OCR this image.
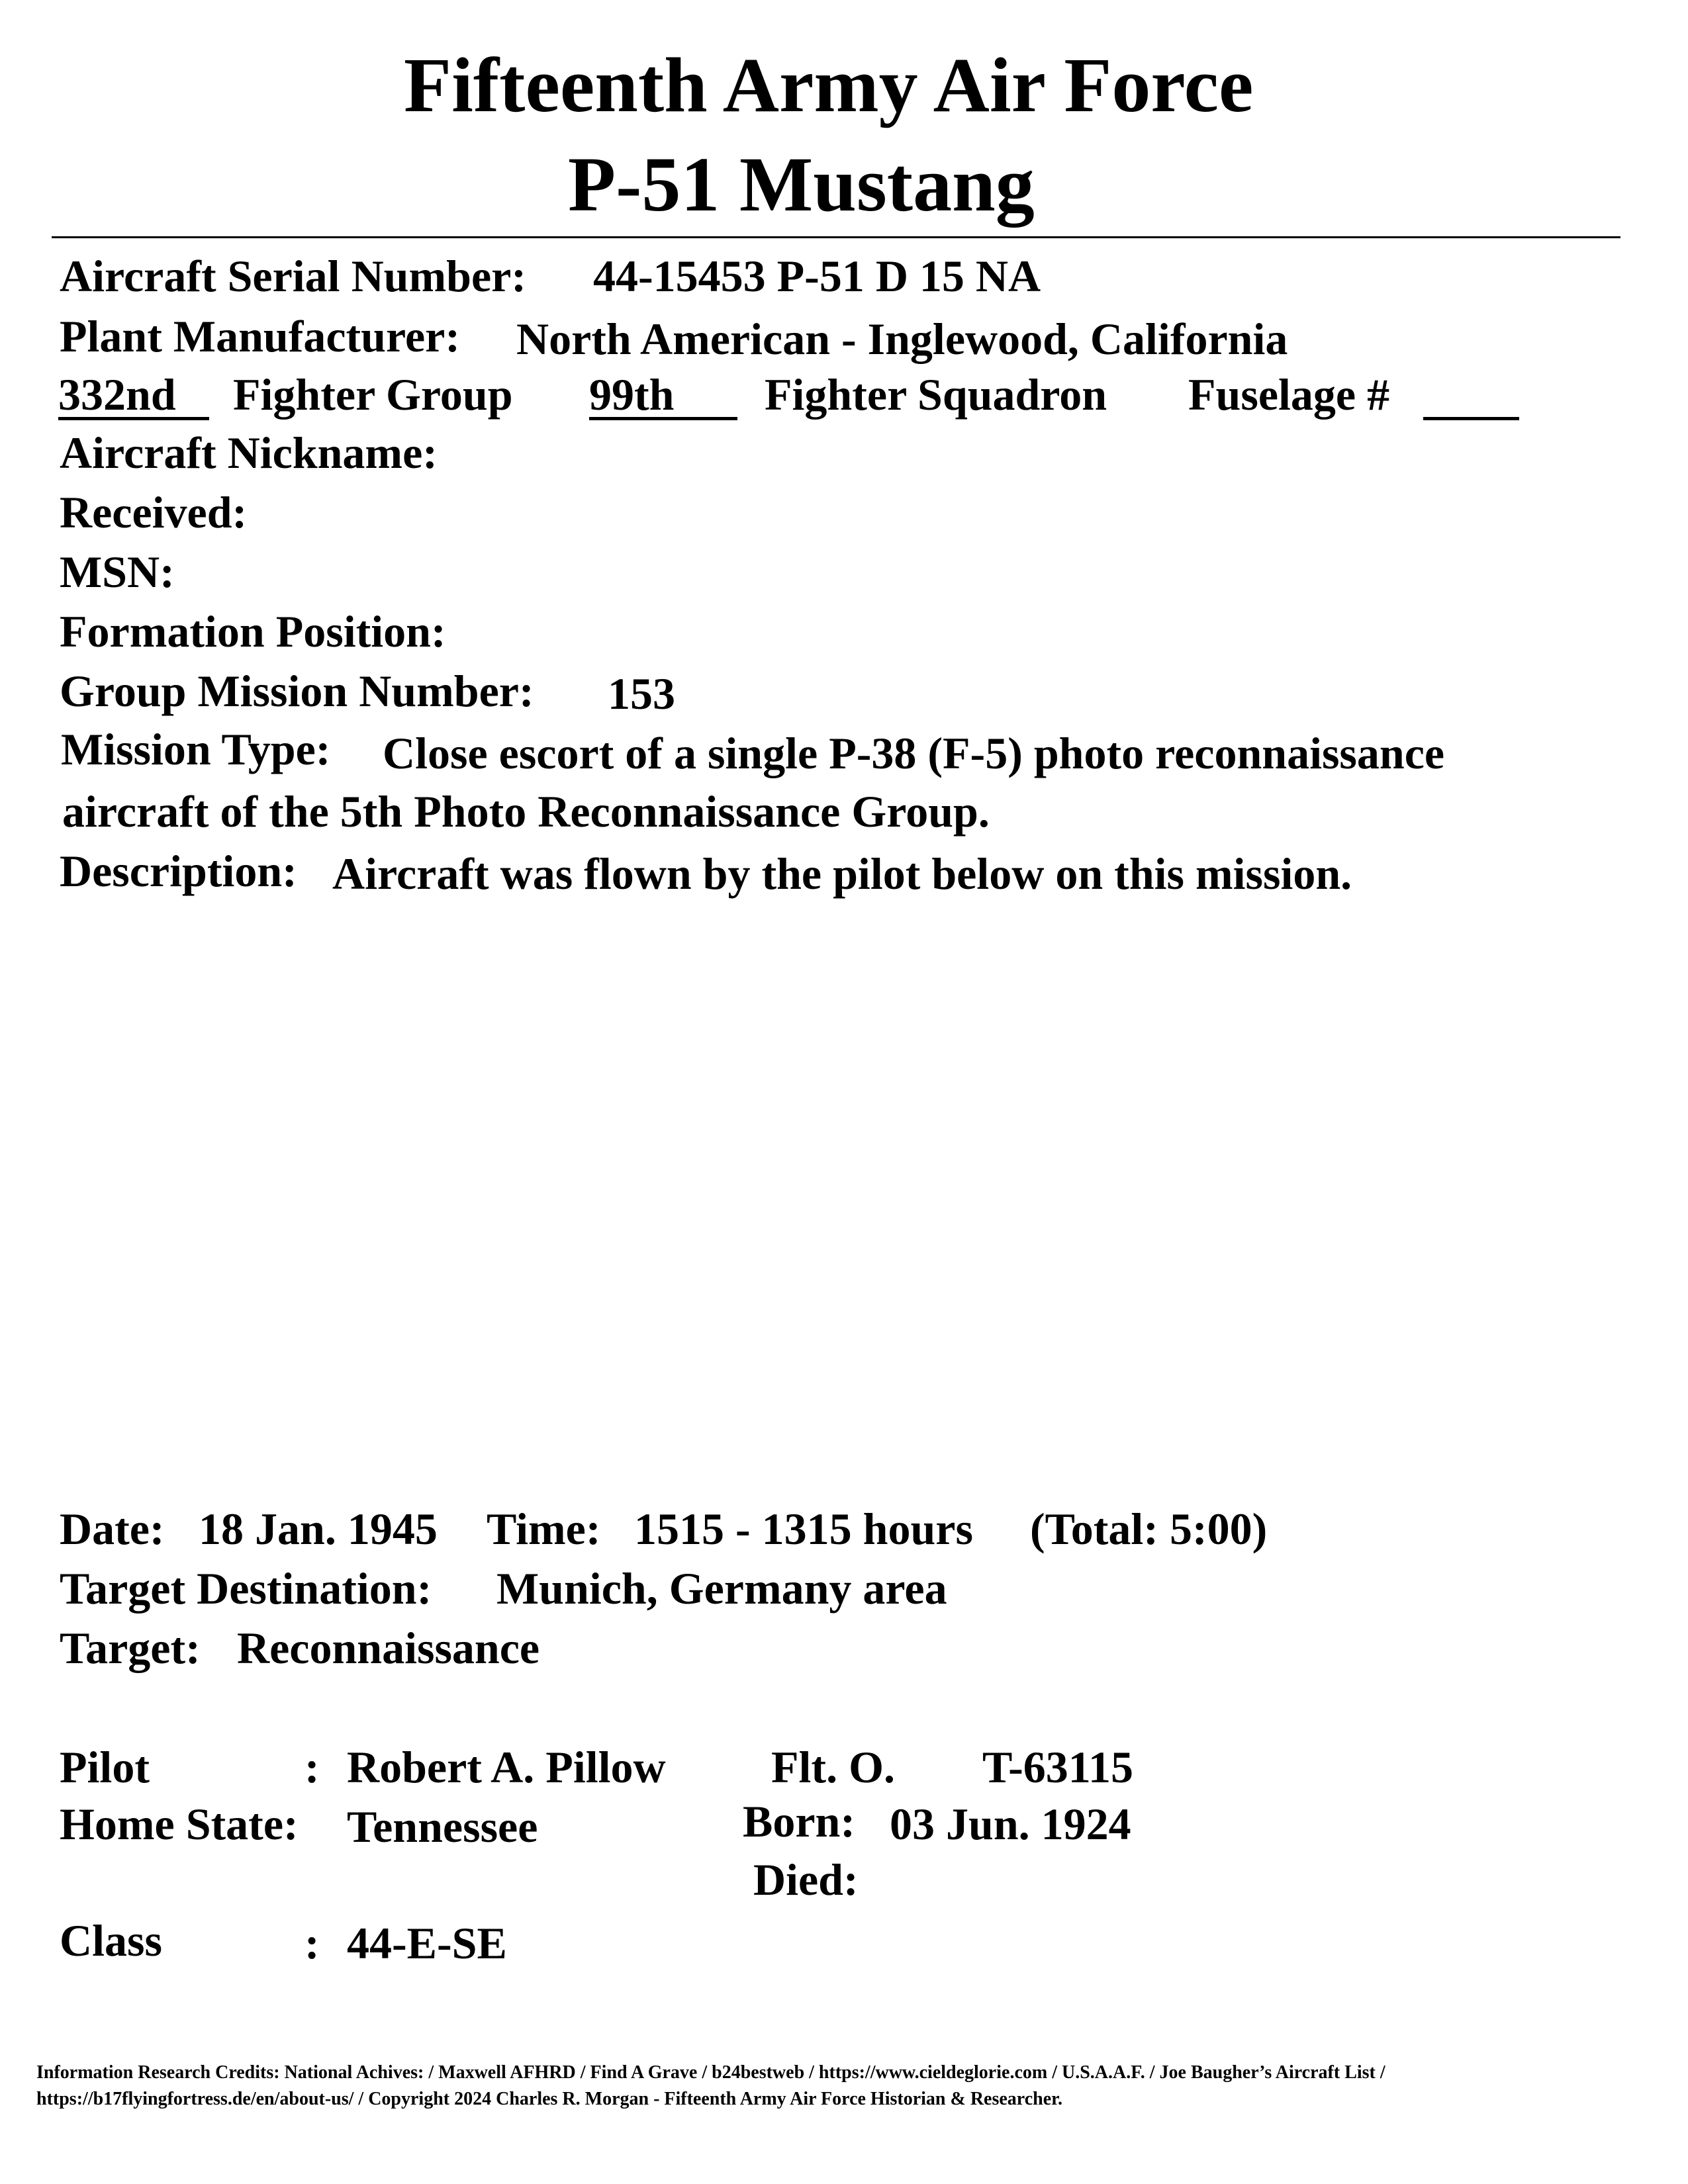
Fifteenth Army Air Force
P-51 Mustang
Aircraft Serial Number: 44-15453 P-51 D 15 NA
Plant Manufacturer: North American - Inglewood, California
332nd Fighter Group 99th Fighter Squadron Fuselage #
Aircraft Nickname:
Received:
MSN:
Formation Position:
Group Mission Number: 153
Mission Type: Close escort of a single P-38 (F-5) photo reconnaissance
aircraft of the 5th Photo Reconnaissance Group.
Description: Aircraft was flown by the pilot below on this mission.
Date: 18 Jan. 1945 Time: 1515 - 1315 hours (Total: 5:00)
Target Destination: Munich, Germany area
Target: Reconnaissance
Pilot	: Robert A. Pillow Flt. O. T-63115
Home State: Tennessee	Born: 03 Jun. 1924
Died:
Class	: 44-E-SE
Information Research Credits: National Achives: / Maxwell AFHRD / Find A Grave / b24bestweb / https://www.cieldeglorie.com / U.S.A.A.F. / Joe Baugher’s Aircraft List /
https://b17flyingfortress.de/en/about-us/ / Copyright 2024 Charles R. Morgan - Fifteenth Army Air Force Historian & Researcher.
